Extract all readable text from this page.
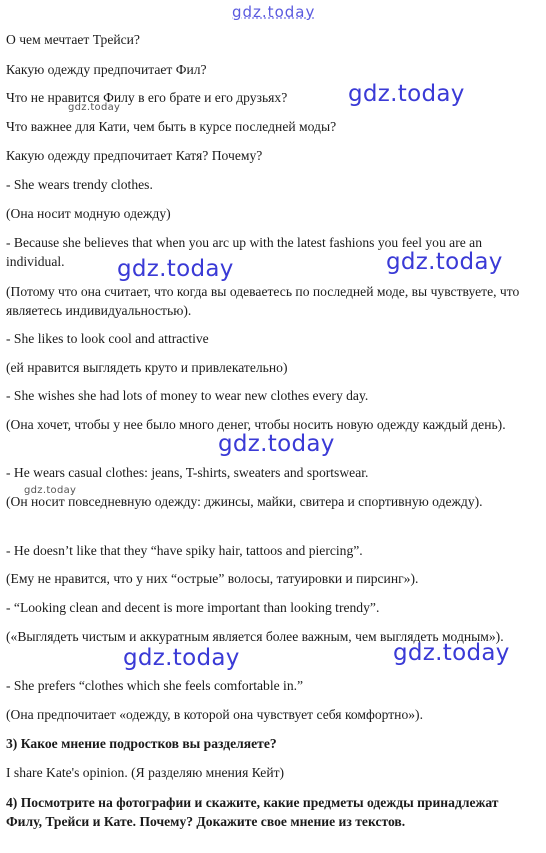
gdz.today
О чем мечтает Трейси?
Какую одежду предпочитает Фил?
Что не нравится Филу в его брате и его друзьях?
Что важнее для Кати, чем быть в курсе последней моды?
Какую одежду предпочитает Катя? Почему?
- She wears trendy clothes.
(Она носит модную одежду)
- Because she believes that when you arc up with the latest fashions you feel you are an individual.
(Потому что она считает, что когда вы одеваетесь по последней моде, вы чувствуете, что являетесь индивидуальностью).
- She likes to look cool and attractive
(ей нравится выглядеть круто и привлекательно)
- She wishes she had lots of money to wear new clothes every day.
(Она хочет, чтобы у нее было много денег, чтобы носить новую одежду каждый день).
- He wears casual clothes: jeans, T-shirts, sweaters and sportswear.
(Он носит повседневную одежду: джинсы, майки, свитера и спортивную одежду).
- He doesn’t like that they “have spiky hair, tattoos and piercing”.
(Ему не нравится, что у них “острые” волосы, татуировки и пирсинг»).
- “Looking clean and decent is more important than looking trendy”.
(«Выглядеть чистым и аккуратным является более важным, чем выглядеть модным»).
- She prefers “clothes which she feels comfortable in.”
(Она предпочитает «одежду, в которой она чувствует себя комфортно»).
3) Какое мнение подростков вы разделяете?
I share Kate's opinion. (Я разделяю мнения Кейт)
4) Посмотрите на фотографии и скажите, какие предметы одежды принадлежат Филу, Трейси и Кате. Почему? Докажите свое мнение из текстов.
gdz.today
gdz.today
gdz.today	gdz.today
gdz.today
gdz.today
gdz.today	gdz.today
